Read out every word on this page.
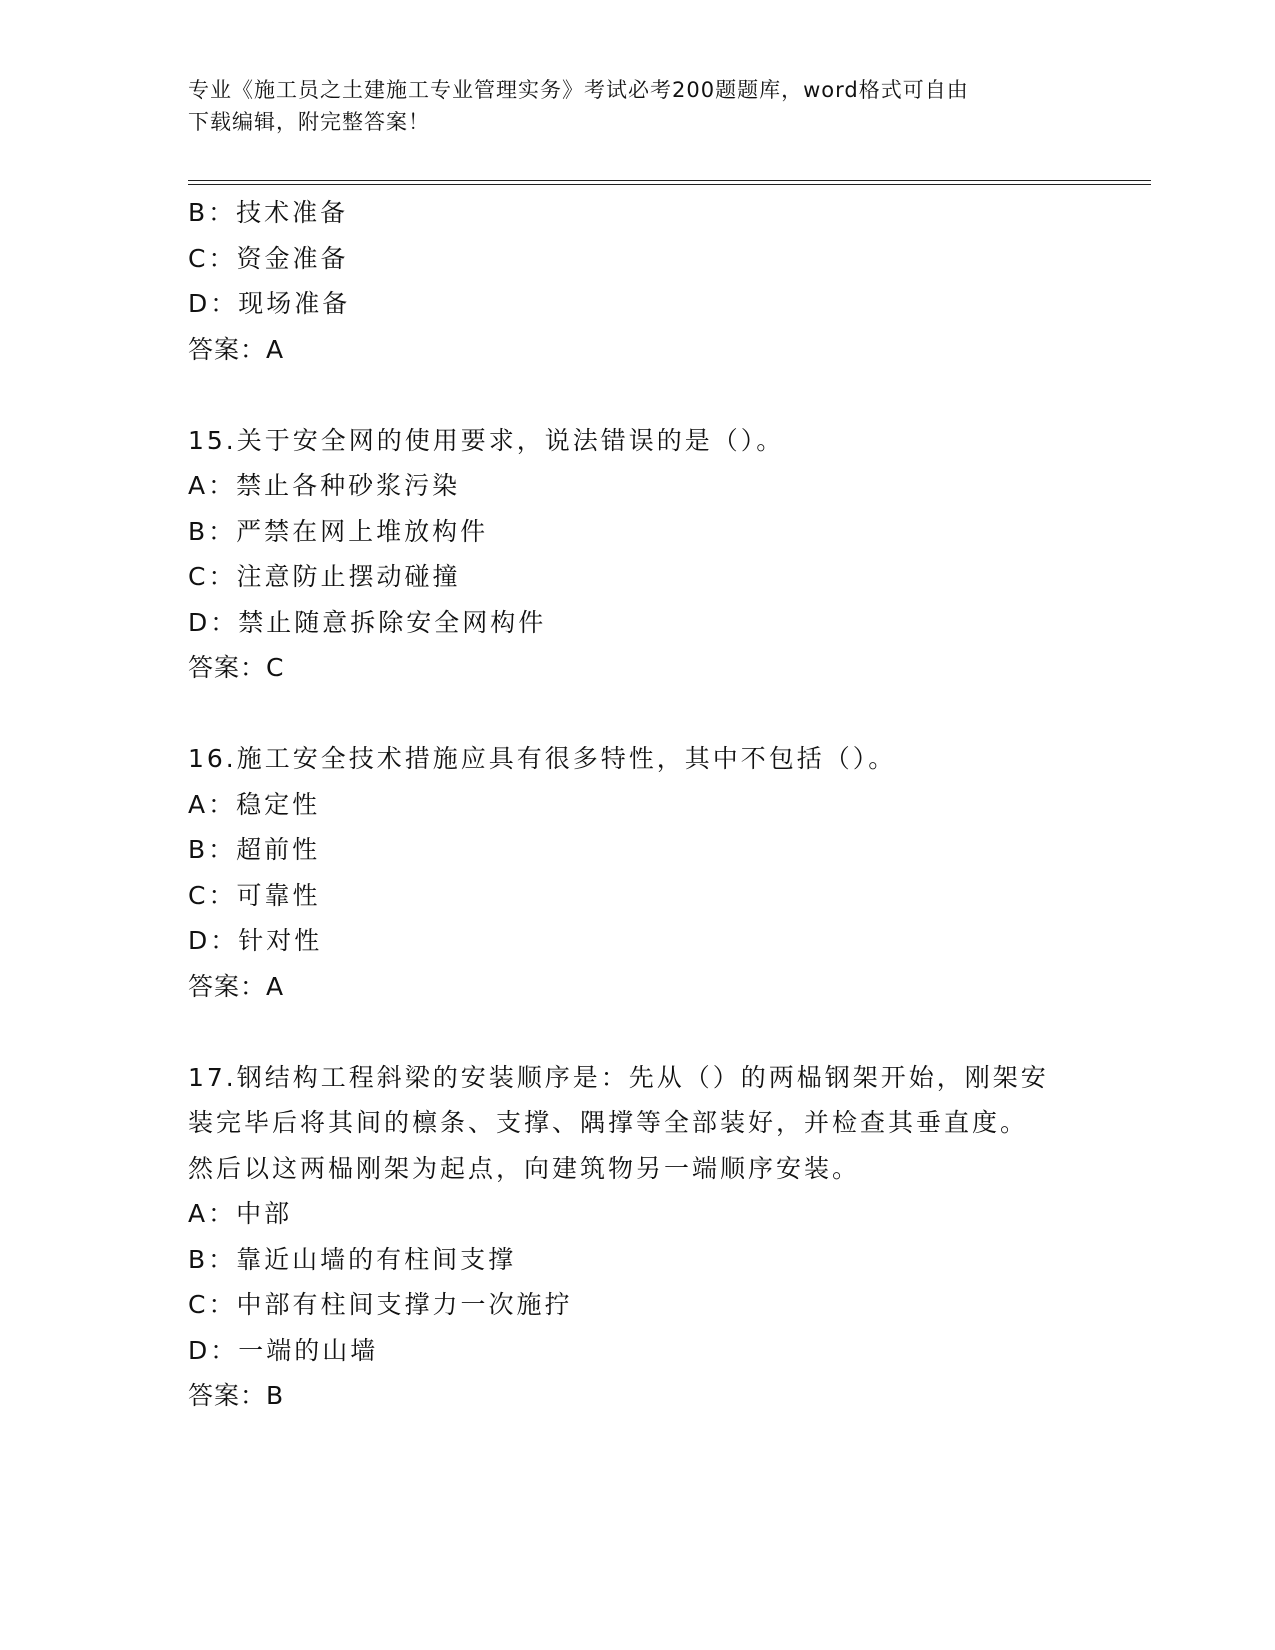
专业《施工员之土建施工专业管理实务》考试必考200题题库，word格式可自由
下载编辑，附完整答案！
B：技术准备
C：资金准备
D：现场准备
答案：A
15.关于安全网的使用要求，说法错误的是（）。
A：禁止各种砂浆污染
B：严禁在网上堆放构件
C：注意防止摆动碰撞
D：禁止随意拆除安全网构件
答案：C
16.施工安全技术措施应具有很多特性，其中不包括（）。
A：稳定性
B：超前性
C：可靠性
D：针对性
答案：A
17.钢结构工程斜梁的安装顺序是：先从（）的两榀钢架开始，刚架安
装完毕后将其间的檩条、支撑、隅撑等全部装好，并检查其垂直度。
然后以这两榀刚架为起点，向建筑物另一端顺序安装。
A：中部
B：靠近山墙的有柱间支撑
C：中部有柱间支撑力一次施拧
D：一端的山墙
答案：B
